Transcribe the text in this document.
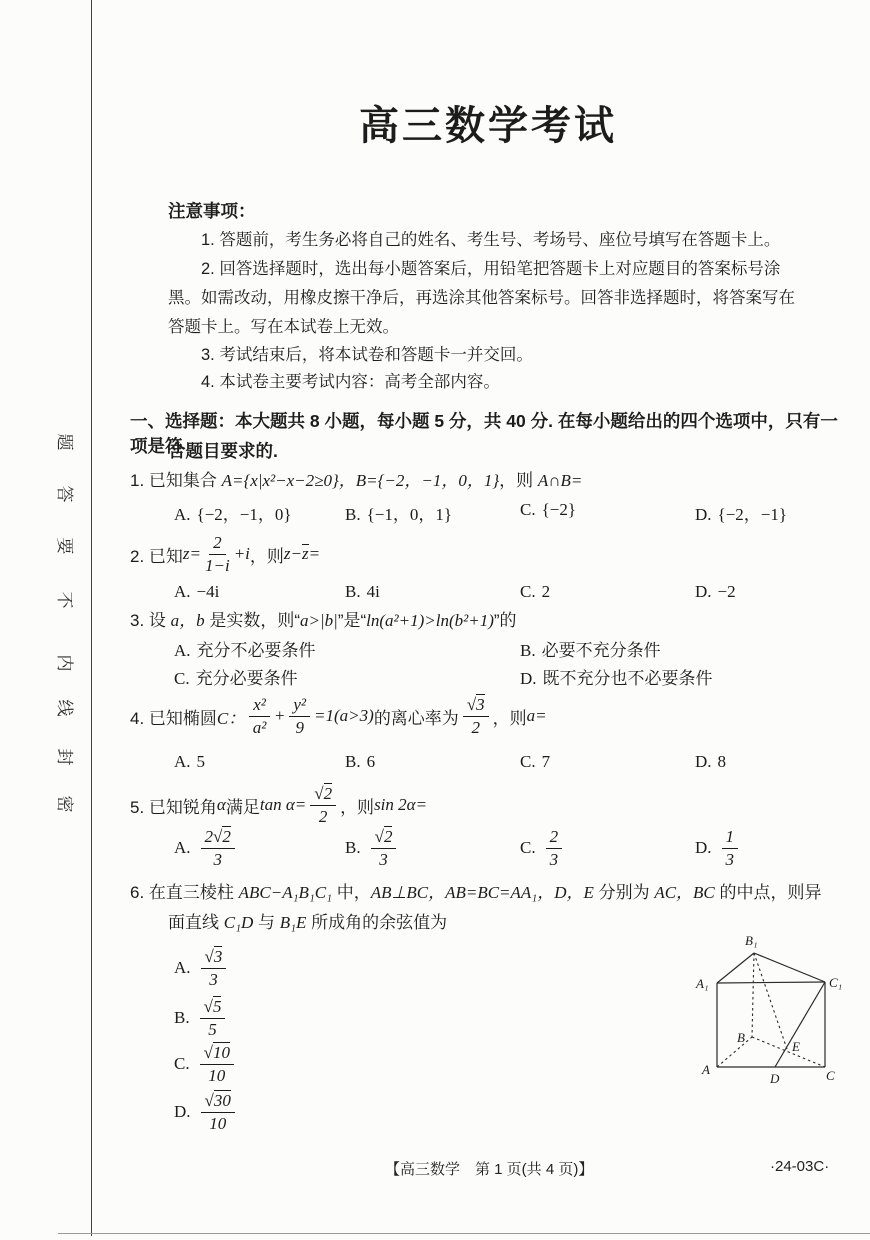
题
答
要
不
内
线
封
密
高三数学考试
注意事项：
1. 答题前，考生务必将自己的姓名、考生号、考场号、座位号填写在答题卡上。
2. 回答选择题时，选出每小题答案后，用铅笔把答题卡上对应题目的答案标号涂
黑。如需改动，用橡皮擦干净后，再选涂其他答案标号。回答非选择题时，将答案写在
答题卡上。写在本试卷上无效。
3. 考试结束后，将本试卷和答题卡一并交回。
4. 本试卷主要考试内容：高考全部内容。
一、选择题：本大题共 8 小题，每小题 5 分，共 40 分. 在每小题给出的四个选项中，只有一项是符
合题目要求的.
1. 已知集合 A={x|x²−x−2≥0}，B={−2，−1，0，1}，则 A∩B=
A. {−2，−1，0}	B. {−1，0，1}	C. {−2}	D. {−2，−1}
2. 已知 $z= \frac{2}{1-i} +i$ ，则 z− z =
A. −4i	B. 4i	C. 2	D. −2
3. 设 a，b 是实数，则“a>|b|”是“ln(a²+1)>ln(b²+1)”的
A. 充分不必要条件	B. 必要不充分条件
C. 充分必要条件	D. 既不充分也不必要条件
4. 已知椭圆 C： $\frac{\text{x²}}{\text{a²}} + \frac{\text{y²}}{9} =1(a>3)$ 的离心率为 $\frac{√3}{2}$ ，则 a=
A. 5	B. 6	C. 7	D. 8
5. 已知锐角 α 满足 $\tan \alpha= \frac{√2}{2}$ ，则 sin 2α=
A. $\frac{2√2}{3}$	B. $\frac{√2}{3}$	C. $\frac{2}{3}$	D. $\frac{1}{3}$
6. 在直三棱柱 ABC−A₁B₁C₁ 中，AB⊥BC，AB=BC=AA₁，D，E 分别为 AC，BC 的中点，则异
面直线 C₁D 与 B₁E 所成角的余弦值为
A. $\frac{√3}{3}$
B. $\frac{√5}{5}$
C. $\frac{√10}{10}$
D. $\frac{√30}{10}$
B₁
A₁	C₁
B
E
A
D	C
【高三数学　第 1 页(共 4 页)】	·24-03C·
